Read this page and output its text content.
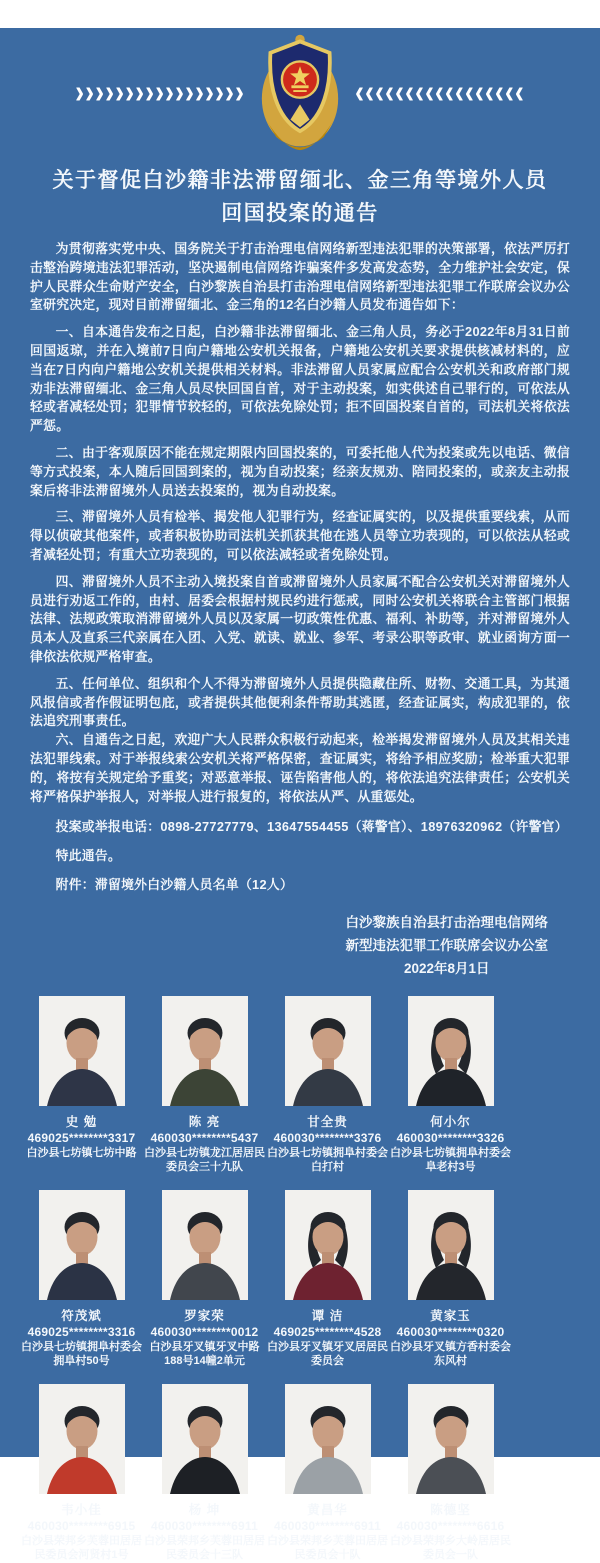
›››››››››››››››››	‹‹‹‹‹‹‹‹‹‹‹‹‹‹‹‹‹
关于督促白沙籍非法滞留缅北、金三角等境外人员
回国投案的通告

为贯彻落实党中央、国务院关于打击治理电信网络新型违法犯罪的决策部署，依法严厉打击整治跨境违法犯罪活动，坚决遏制电信网络诈骗案件多发高发态势，全力维护社会安定，保护人民群众生命财产安全，白沙黎族自治县打击治理电信网络新型违法犯罪工作联席会议办公室研究决定，现对目前滞留缅北、金三角的12名白沙籍人员发布通告如下：

一、自本通告发布之日起，白沙籍非法滞留缅北、金三角人员，务必于2022年8月31日前回国返琼，并在入境前7日向户籍地公安机关报备，户籍地公安机关要求提供核减材料的，应当在7日内向户籍地公安机关提供相关材料。非法滞留人员家属应配合公安机关和政府部门规劝非法滞留缅北、金三角人员尽快回国自首，对于主动投案，如实供述自己罪行的，可依法从轻或者减轻处罚；犯罪情节较轻的，可依法免除处罚；拒不回国投案自首的，司法机关将依法严惩。

二、由于客观原因不能在规定期限内回国投案的，可委托他人代为投案或先以电话、微信等方式投案，本人随后回国到案的，视为自动投案；经亲友规劝、陪同投案的，或亲友主动报案后将非法滞留境外人员送去投案的，视为自动投案。

三、滞留境外人员有检举、揭发他人犯罪行为，经查证属实的，以及提供重要线索，从而得以侦破其他案件，或者积极协助司法机关抓获其他在逃人员等立功表现的，可以依法从轻或者减轻处罚；有重大立功表现的，可以依法减轻或者免除处罚。

四、滞留境外人员不主动入境投案自首或滞留境外人员家属不配合公安机关对滞留境外人员进行劝返工作的，由村、居委会根据村规民约进行惩戒，同时公安机关将联合主管部门根据法律、法规政策取消滞留境外人员以及家属一切政策性优惠、福利、补助等，并对滞留境外人员本人及直系三代亲属在入团、入党、就读、就业、参军、考录公职等政审、就业函询方面一律依法依规严格审查。

五、任何单位、组织和个人不得为滞留境外人员提供隐藏住所、财物、交通工具，为其通风报信或者作假证明包庇，或者提供其他便利条件帮助其逃匿，经查证属实，构成犯罪的，依法追究刑事责任。

六、自通告之日起，欢迎广大人民群众积极行动起来，检举揭发滞留境外人员及其相关违法犯罪线索。对于举报线索公安机关将严格保密，查证属实，将给予相应奖励；检举重大犯罪的，将按有关规定给予重奖；对恶意举报、诬告陷害他人的，将依法追究法律责任；公安机关将严格保护举报人，对举报人进行报复的，将依法从严、从重惩处。

投案或举报电话：0898-27727779、13647554455（蒋警官）、18976320962（许警官）
特此通告。
附件：滞留境外白沙籍人员名单（12人）
白沙黎族自治县打击治理电信网络
新型违法犯罪工作联席会议办公室
2022年8月1日
史 勉
469025********3317
白沙县七坊镇七坊中路
陈 亮
460030********5437
白沙县七坊镇龙江居居民委员会三十九队
甘全贵
460030********3376
白沙县七坊镇拥阜村委会白打村
何小尔
460030********3326
白沙县七坊镇拥阜村委会阜老村3号
符茂斌
469025********3316
白沙县七坊镇拥阜村委会拥阜村50号
罗家荣
460030********0012
白沙县牙叉镇牙叉中路188号14幢2单元
谭 洁
469025********4528
白沙县牙叉镇牙叉居居民委员会
黄家玉
460030********0320
白沙县牙叉镇方香村委会东风村
韦小佳
460030********6915
白沙县荣邦乡芙蓉田居居民委员会河贤村1号
杨 坤
460030********6911
白沙县荣邦乡芙蓉田居居民委员会十三队
黄昌华
460030********6911
白沙县荣邦乡芙蓉田居居民委员会十队
陈德坚
460030********6616
白沙县荣邦乡大岭居居民委员会一队
